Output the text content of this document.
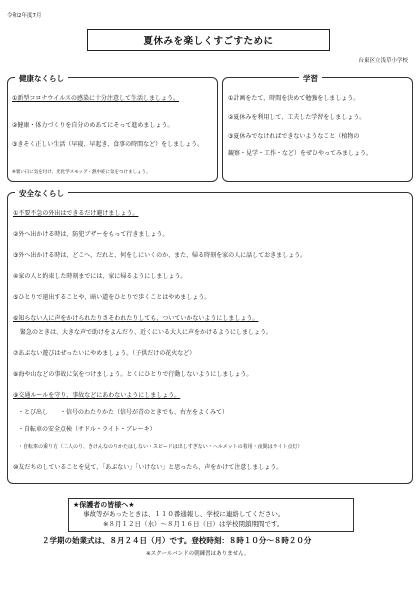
令和2年度7月
夏休みを楽しくすごすために
台東区立浅草小学校
健康なくらし
①新型コロナウイルスの感染に十分注意して生活しましょう。
②健康・体力づくりを自分のめあてにそって進めましょう。
③きそく正しい生活（早寝、早起き、食事の時間など）をしましょう。
※暑い日に気を付け、光化学スモッグ・熱中症に気をつけましょう。
学習
①計画をたて、時間を決めて勉強をしましょう。
②夏休みを利用して、工夫した学習をしましょう。
③夏休みでなければできないようなこと（植物の
観察・見学・工作・など）をぜひやってみましょう。
安全なくらし
①不要不急の外出はできるだけ避けましょう。
②外へ出かける時は、防犯ブザーをもって行きましょう。
③外へ出かける時は、どこへ、だれと、何をしにいくのか、また、帰る時刻を家の人に話しておきましょう。
④家の人と約束した時刻までには、家に帰るようにしましょう。
⑤ひとりで遠出することや、暗い道をひとりで歩くことはやめましょう。
⑥知らない人に声をかけられたりさそわれたりしても、ついていかないようにしましょう。
緊急のときは、大きな声で助けをよんだり、近くにいる大人に声をかけるようにしましょう。
⑦あぶない遊びはぜったいにやめましょう。（子供だけの花火など）
⑧海や山などの事故に気をつけましょう。とくにひとりで行動しないようにしましょう。
⑨交通ルールを守り、事故などにあわないようにしましょう。
・とび出し　　・信号のわたりかた（信号が青のときでも、右左をよくみて）
・自転車の安全点検（サドル・ライト・ブレーキ）
・自転車の乗り方（二人のり、きけんなのりかたはしない・スピードは出しすぎない・ヘルメットの着用・夜間はライト点灯）
⑩友だちのしていることを見て、「あぶない」「いけない」と思ったら、声をかけて注意しましょう。
★保護者の皆様へ★
事故等があったときは、１１０番通報し、学校に連絡してください。
※８月１２日（水）～８月１６日（日）は学校閉鎖期間です。
２学期の始業式は、８月２４日（月）です。登校時刻：８時１０分～８時２０分
※スクールバンドの朝練習はありません。
